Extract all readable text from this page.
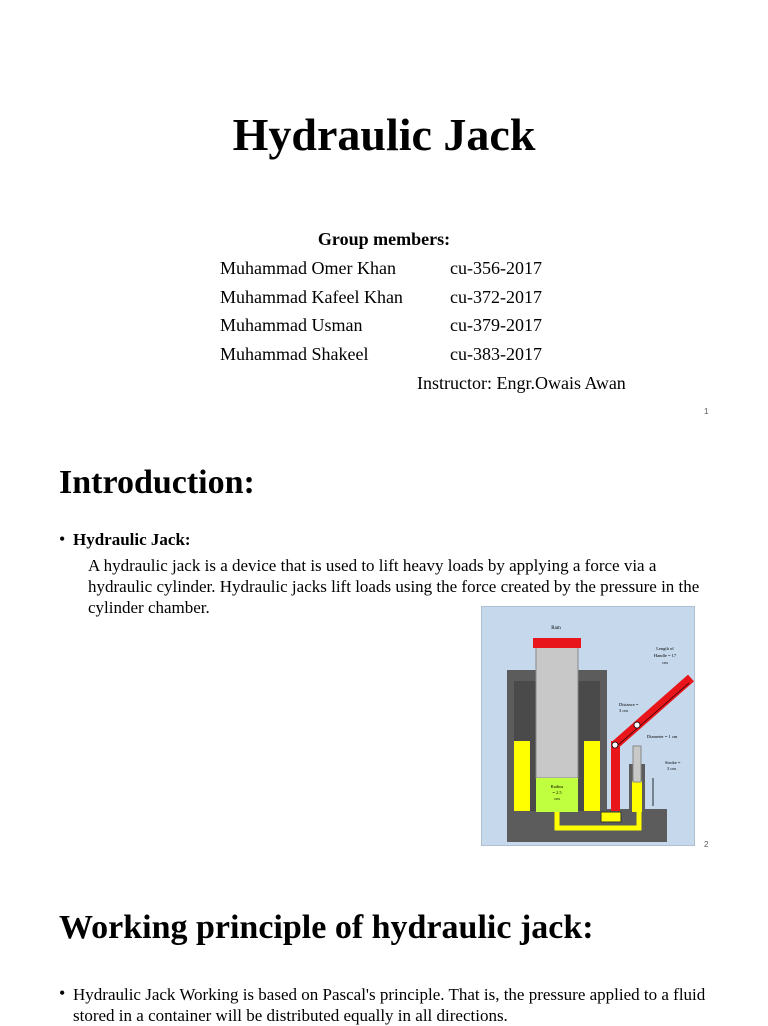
Hydraulic Jack
Group members:
Muhammad Omer Khan	cu-356-2017
Muhammad Kafeel Khan	cu-372-2017
Muhammad Usman	cu-379-2017
Muhammad Shakeel	cu-383-2017
Instructor: Engr.Owais Awan
1
Introduction:
• Hydraulic Jack:

A hydraulic jack is a device that is used to lift heavy loads by applying a force via a hydraulic cylinder. Hydraulic jacks lift loads using the force created by the pressure in the cylinder chamber.

Ram
Length of
Handle = 17
cm
Distance =
3 cm
Diameter = 1 cm
Stroke =
3 cm
Radius
= 2.5
cm
2
Working principle of hydraulic jack:
• Hydraulic Jack Working is based on Pascal's principle. That is, the pressure applied to a fluid stored in a container will be distributed equally in all directions.
